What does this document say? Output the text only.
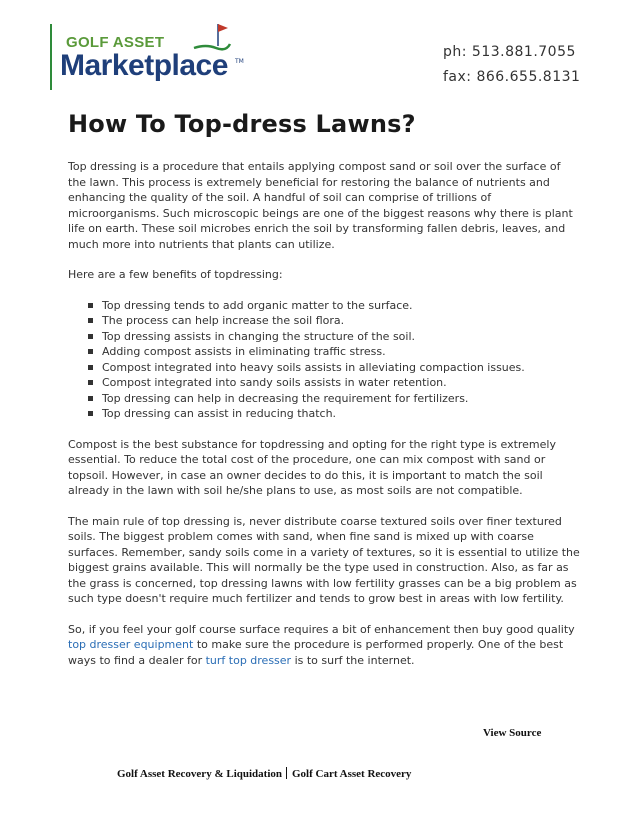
GOLF ASSET
Marketplace TM
ph: 513.881.7055
fax: 866.655.8131
How To Top-dress Lawns?

Top dressing is a procedure that entails applying compost sand or soil over the surface of the lawn. This process is extremely beneficial for restoring the balance of nutrients and enhancing the quality of the soil. A handful of soil can comprise of trillions of microorganisms. Such microscopic beings are one of the biggest reasons why there is plant life on earth. These soil microbes enrich the soil by transforming fallen debris, leaves, and much more into nutrients that plants can utilize.

Here are a few benefits of topdressing:

Top dressing tends to add organic matter to the surface.
The process can help increase the soil flora.
Top dressing assists in changing the structure of the soil.
Adding compost assists in eliminating traffic stress.
Compost integrated into heavy soils assists in alleviating compaction issues.
Compost integrated into sandy soils assists in water retention.
Top dressing can help in decreasing the requirement for fertilizers.
Top dressing can assist in reducing thatch.

Compost is the best substance for topdressing and opting for the right type is extremely essential. To reduce the total cost of the procedure, one can mix compost with sand or topsoil. However, in case an owner decides to do this, it is important to match the soil already in the lawn with soil he/she plans to use, as most soils are not compatible.

The main rule of top dressing is, never distribute coarse textured soils over finer textured soils. The biggest problem comes with sand, when fine sand is mixed up with coarse surfaces. Remember, sandy soils come in a variety of textures, so it is essential to utilize the biggest grains available. This will normally be the type used in construction. Also, as far as the grass is concerned, top dressing lawns with low fertility grasses can be a big problem as such type doesn't require much fertilizer and tends to grow best in areas with low fertility.

So, if you feel your golf course surface requires a bit of enhancement then buy good quality top dresser equipment to make sure the procedure is performed properly. One of the best ways to find a dealer for turf top dresser is to surf the internet.

View Source
Golf Asset Recovery & Liquidation Golf Cart Asset Recovery
